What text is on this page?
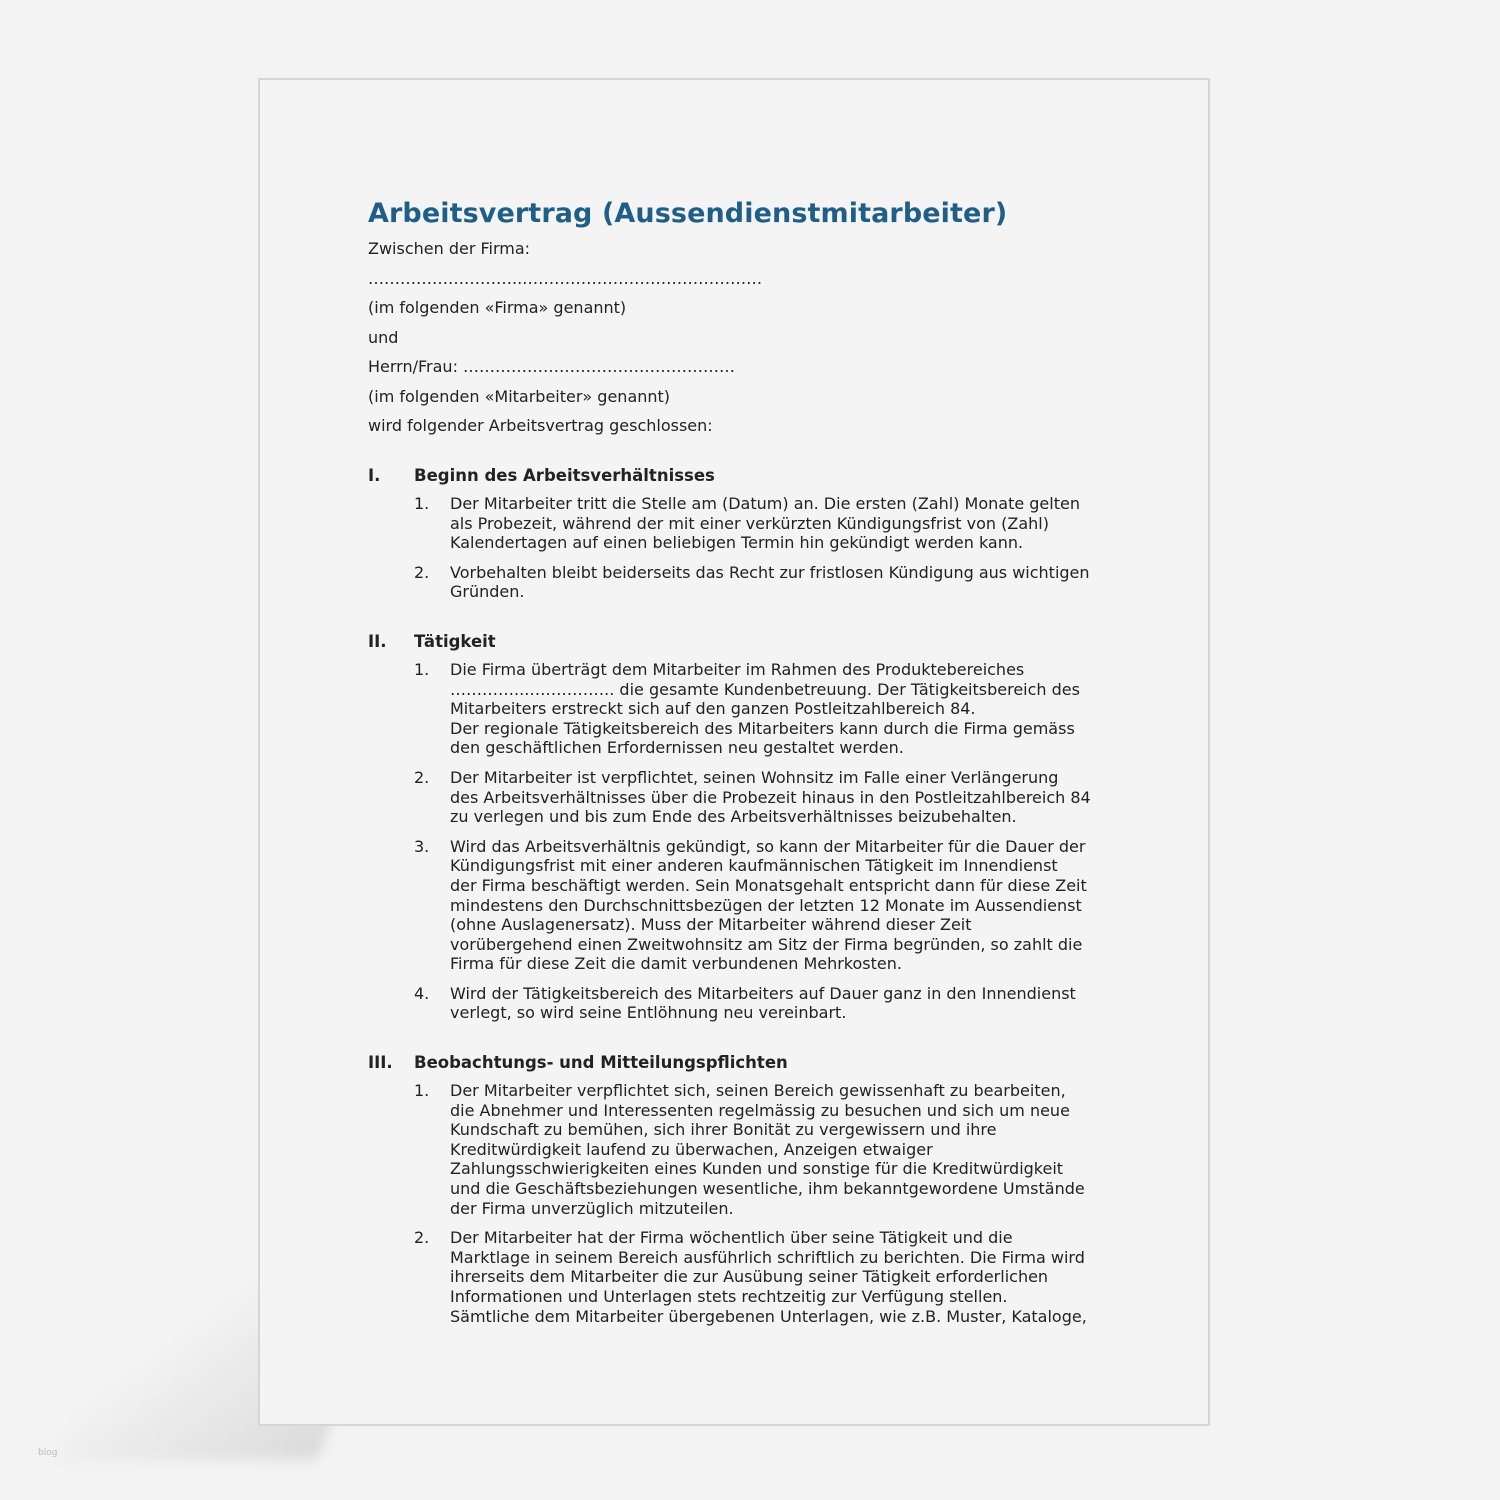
Arbeitsvertrag (Aussendienstmitarbeiter)
Zwischen der Firma:
………………………..………………………………………
(im folgenden «Firma» genannt)
und
Herrn/Frau: ……………………………………………
(im folgenden «Mitarbeiter» genannt)
wird folgender Arbeitsvertrag geschlossen:
I.	Beginn des Arbeitsverhältnisses
1.	Der Mitarbeiter tritt die Stelle am (Datum) an. Die ersten (Zahl) Monate gelten
als Probezeit, während der mit einer verkürzten Kündigungsfrist von (Zahl)
Kalendertagen auf einen beliebigen Termin hin gekündigt werden kann.
2.	Vorbehalten bleibt beiderseits das Recht zur fristlosen Kündigung aus wichtigen
Gründen.
II.	Tätigkeit
1.	Die Firma überträgt dem Mitarbeiter im Rahmen des Produktebereiches
…………..…………….. die gesamte Kundenbetreuung. Der Tätigkeitsbereich des
Mitarbeiters erstreckt sich auf den ganzen Postleitzahlbereich 84.
Der regionale Tätigkeitsbereich des Mitarbeiters kann durch die Firma gemäss
den geschäftlichen Erfordernissen neu gestaltet werden.
2.	Der Mitarbeiter ist verpflichtet, seinen Wohnsitz im Falle einer Verlängerung
des Arbeitsverhältnisses über die Probezeit hinaus in den Postleitzahlbereich 84
zu verlegen und bis zum Ende des Arbeitsverhältnisses beizubehalten.
3.	Wird das Arbeitsverhältnis gekündigt, so kann der Mitarbeiter für die Dauer der
Kündigungsfrist mit einer anderen kaufmännischen Tätigkeit im Innendienst
der Firma beschäftigt werden. Sein Monatsgehalt entspricht dann für diese Zeit
mindestens den Durchschnittsbezügen der letzten 12 Monate im Aussendienst
(ohne Auslagenersatz). Muss der Mitarbeiter während dieser Zeit
vorübergehend einen Zweitwohnsitz am Sitz der Firma begründen, so zahlt die
Firma für diese Zeit die damit verbundenen Mehrkosten.
4.	Wird der Tätigkeitsbereich des Mitarbeiters auf Dauer ganz in den Innendienst
verlegt, so wird seine Entlöhnung neu vereinbart.
III.	Beobachtungs- und Mitteilungspflichten
1.	Der Mitarbeiter verpflichtet sich, seinen Bereich gewissenhaft zu bearbeiten,
die Abnehmer und Interessenten regelmässig zu besuchen und sich um neue
Kundschaft zu bemühen, sich ihrer Bonität zu vergewissern und ihre
Kreditwürdigkeit laufend zu überwachen, Anzeigen etwaiger
Zahlungsschwierigkeiten eines Kunden und sonstige für die Kreditwürdigkeit
und die Geschäftsbeziehungen wesentliche, ihm bekanntgewordene Umstände
der Firma unverzüglich mitzuteilen.
2.	Der Mitarbeiter hat der Firma wöchentlich über seine Tätigkeit und die
Marktlage in seinem Bereich ausführlich schriftlich zu berichten. Die Firma wird
ihrerseits dem Mitarbeiter die zur Ausübung seiner Tätigkeit erforderlichen
Informationen und Unterlagen stets rechtzeitig zur Verfügung stellen.
Sämtliche dem Mitarbeiter übergebenen Unterlagen, wie z.B. Muster, Kataloge,
blog
